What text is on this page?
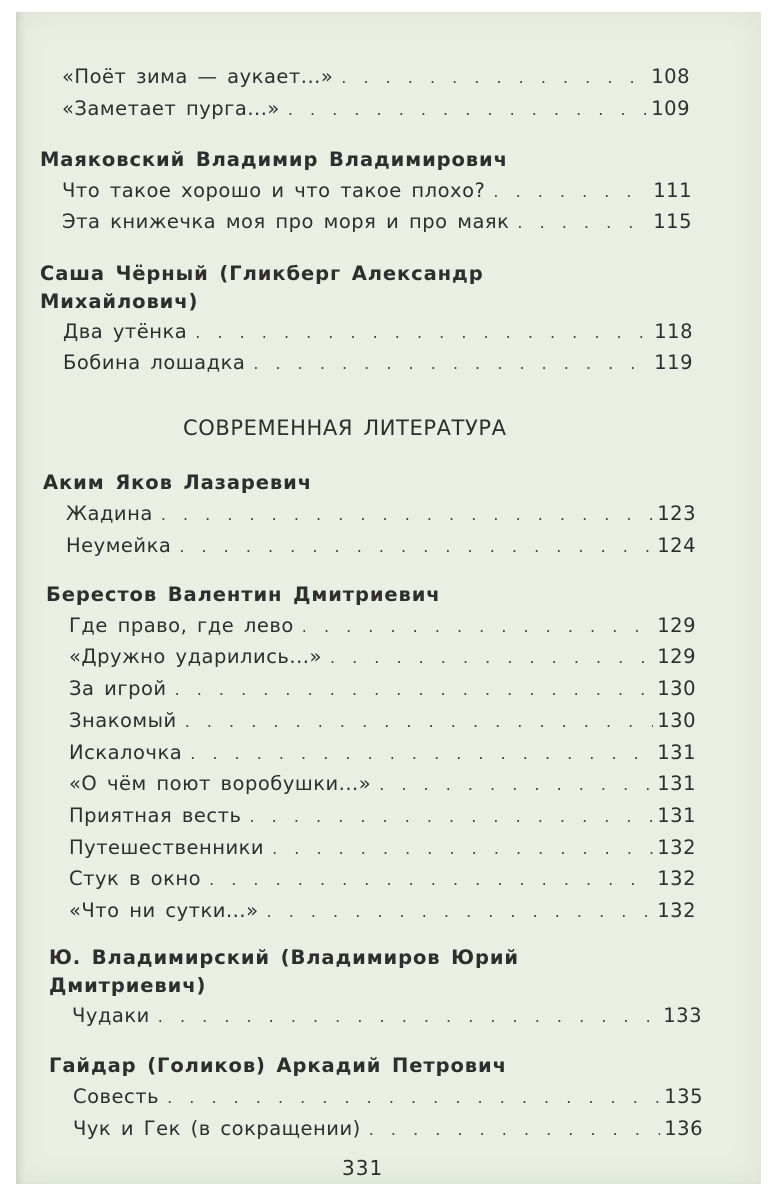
«Поёт зима — аукает...» . . .	108
«Заметает пурга...» . . .	109
Маяковский Владимир Владимирович
Что такое хорошо и что такое плохо? . . .	111
Эта книжечка моя про моря и про маяк . . .	115
Саша Чёрный (Гликберг Александр
Михайлович)
Два утёнка . . .	118
Бобина лошадка . . .	119
СОВРЕМЕННАЯ ЛИТЕРАТУРА
Аким Яков Лазаревич
Жадина . . .	123
Неумейка . . .	124
Берестов Валентин Дмитриевич
Где право, где лево . . .	129
«Дружно ударились...» . . .	129
За игрой . . .	130
Знакомый . . .	130
Искалочка . . .	131
«О чём поют воробушки...» . . .	131
Приятная весть . . .	131
Путешественники . . .	132
Стук в окно . . .	132
«Что ни сутки...» . . .	132
Ю. Владимирский (Владимиров Юрий
Дмитриевич)
Чудаки . . .	133
Гайдар (Голиков) Аркадий Петрович
Совесть . . .	135
Чук и Гек (в сокращении) . . .	136
331
